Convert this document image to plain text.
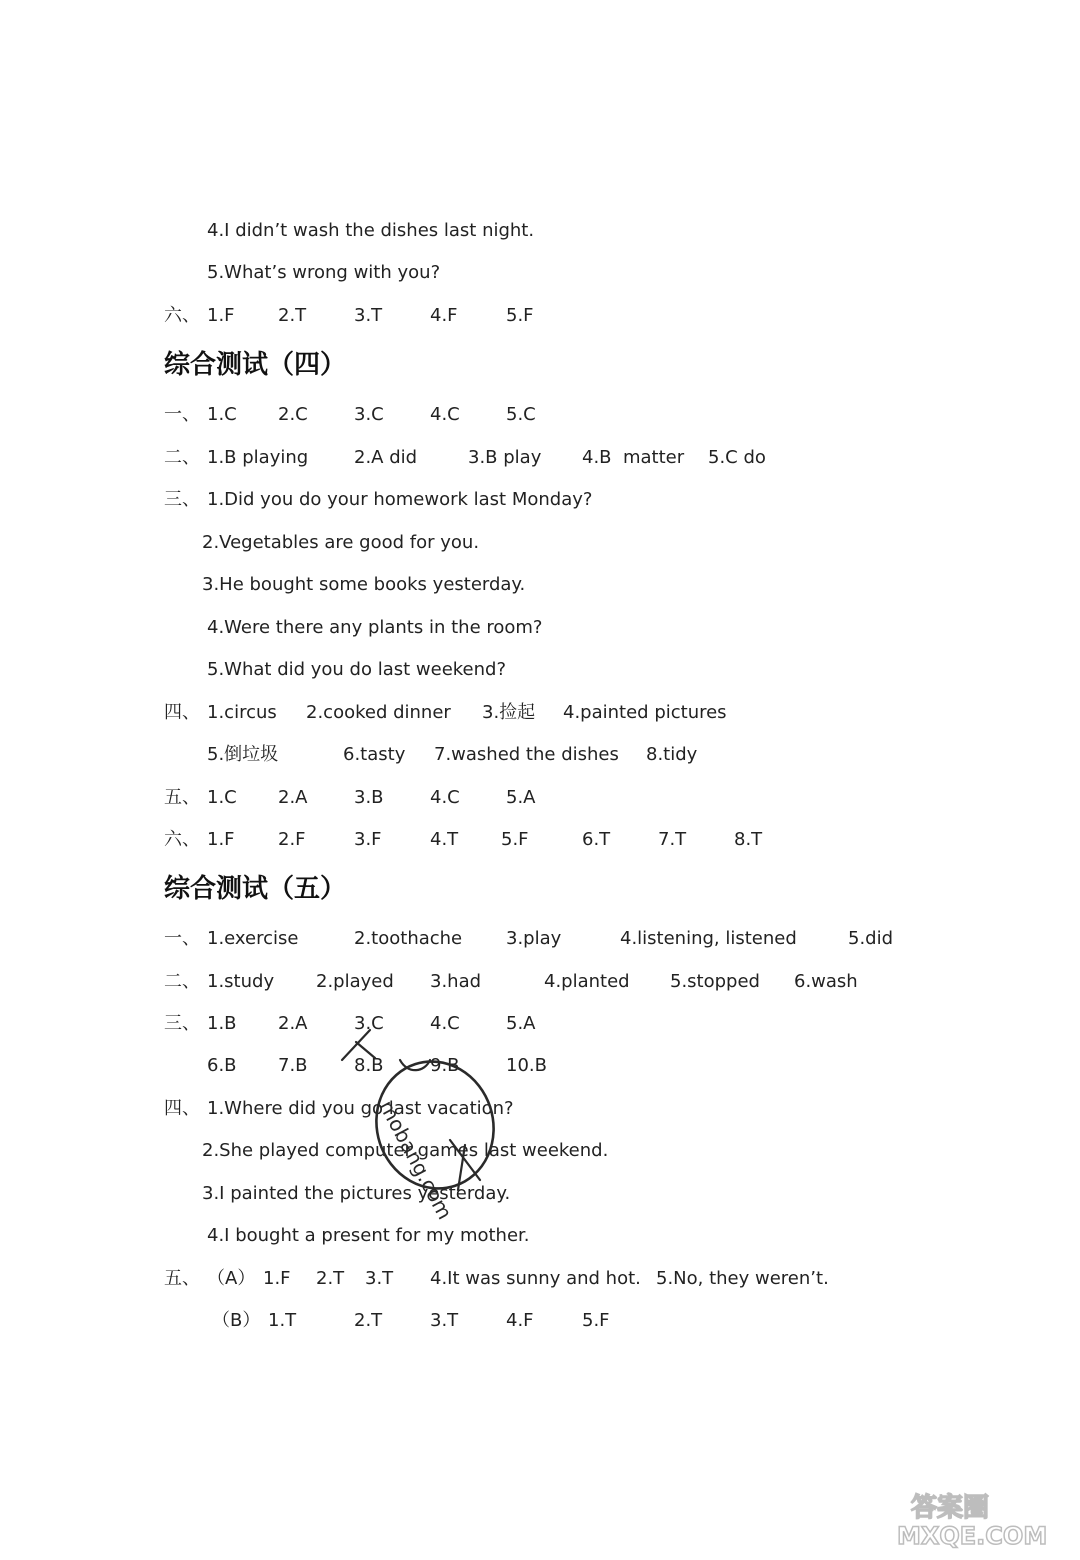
4.I didn’t wash the dishes last night.
5.What’s wrong with you?
六、 1.F 2.T	3.T	4.F	5.F
综合测试（四）
一、 1.C 2.C	3.C	4.C	5.C
二、 1.B playing	2.A did	3.B play 4.B  matter 5.C do
三、 1.Did you do your homework last Monday?
2.Vegetables are good for you.
3.He bought some books yesterday.
4.Were there any plants in the room?
5.What did you do last weekend?
四、 1.circus 2.cooked dinner 3.捡起 4.painted pictures
5.倒垃圾	6.tasty 7.washed the dishes 8.tidy
五、 1.C 2.A	3.B	4.C	5.A
六、 1.F 2.F	3.F	4.T 5.F	6.T	7.T	8.T
综合测试（五）
一、 1.exercise	2.toothache 3.play	4.listening, listened	5.did
二、 1.study 2.played 3.had	4.planted 5.stopped 6.wash
三、 1.B 2.A	3.C	4.C	5.A
6.B 7.B	8.B	9.B	10.B
四、 1.Where did you go last vacation?
2.She played computer games last weekend.
3.I painted the pictures yesterday.
4.I bought a present for my mother.
五、 （A） 1.F 2.T 3.T 4.It was sunny and hot. 5.No, they weren’t.
（B） 1.T	2.T	3.T	4.F	5.F
mobang.com
答案圈
MXQE.COM
